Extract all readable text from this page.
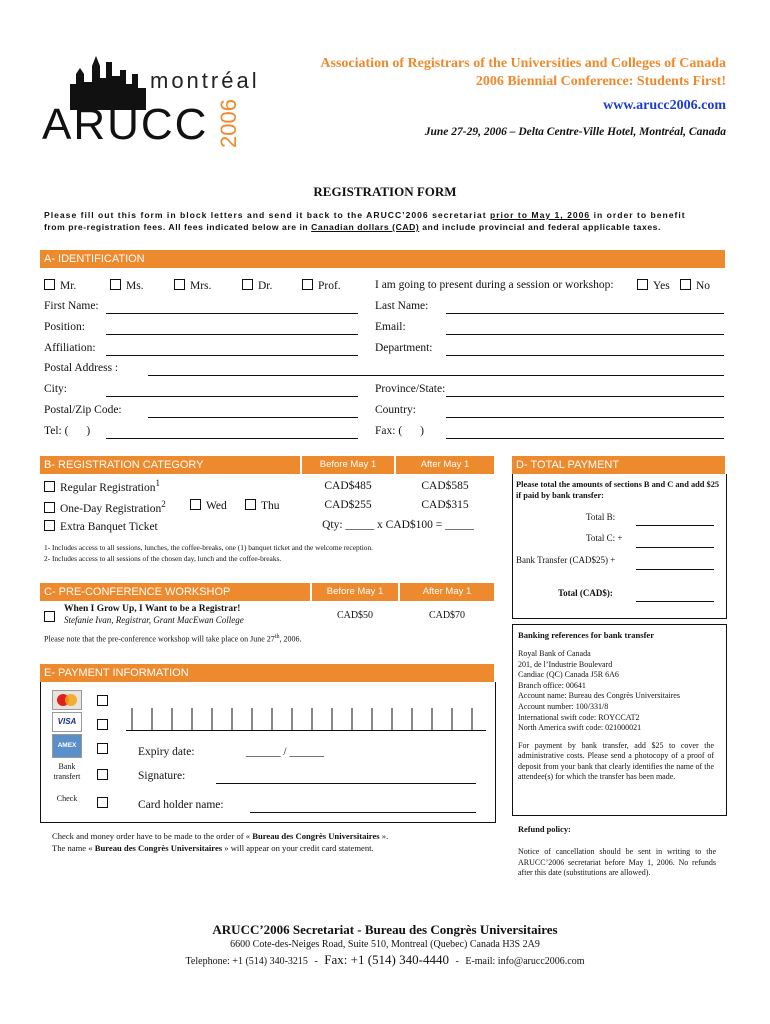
montréal
ARUCC 2006
Association of Registrars of the Universities and Colleges of Canada
2006 Biennial Conference: Students First!
www.arucc2006.com
June 27-29, 2006 – Delta Centre-Ville Hotel, Montréal, Canada
REGISTRATION FORM
Please fill out this form in block letters and send it back to the ARUCC’2006 secretariat prior to May 1, 2006 in order to benefit
from pre-registration fees. All fees indicated below are in Canadian dollars (CAD) and include provincial and federal applicable taxes.
A- IDENTIFICATION
Mr.	Ms.	Mrs.	Dr.	Prof.	I am going to present during a session or workshop:	Yes	No
First Name:	Last Name:
Position:	Email:
Affiliation:	Department:
Postal Address :
City:	Province/State:
Postal/Zip Code:	Country:
Tel: ( )	Fax: ( )
B- REGISTRATION CATEGORY	Before May 1	After May 1
Regular Registration$^1$	CAD$485	CAD$585
One-Day Registration$^2$	Wed	Thu	CAD$255	CAD$315
Extra Banquet Ticket	Qty: _____ x CAD$100 = _____
1- Includes access to all sessions, lunches, the coffee-breaks, one (1) banquet ticket and the welcome reception.
2- Includes access to all sessions of the chosen day, lunch and the coffee-breaks.
C- PRE-CONFERENCE WORKSHOP	Before May 1	After May 1
When I Grow Up, I Want to be a Registrar!
Stefanie Ivan, Registrar, Grant MacEwan College	CAD$50	CAD$70
Please note that the pre-conference workshop will take place on June 27th, 2006.
D- TOTAL PAYMENT
Please total the amounts of sections B and C and add $25 if paid by bank transfer:
Total B:
Total C: +
Bank Transfer (CAD$25) +
Total (CAD$):
Banking references for bank transfer
Royal Bank of Canada
201, de l’Industrie Boulevard
Candiac (QC) Canada J5R 6A6
Branch office: 00641
Account name: Bureau des Congrès Universitaires
Account number: 100/331/8
International swift code: ROYCCAT2
North America swift code: 021000021
For payment by bank transfer, add $25 to cover the administrative costs. Please send a photocopy of a proof of deposit from your bank that clearly identifies the name of the attendee(s) for which the transfer has been made.
E- PAYMENT INFORMATION
VISA
AMEX
Bank transfert
Check
Expiry date:	______ / ______
Signature:
Card holder name:
Check and money order have to be made to the order of « Bureau des Congrès Universitaires ».
The name « Bureau des Congrès Universitaires » will appear on your credit card statement.
Refund policy:
Notice of cancellation should be sent in writing to the ARUCC’2006 secretariat before May 1, 2006. No refunds after this date (substitutions are allowed).
ARUCC’2006 Secretariat - Bureau des Congrès Universitaires
6600 Cote-des-Neiges Road, Suite 510, Montreal (Quebec) Canada H3S 2A9
Telephone: +1 (514) 340-3215 - Fax: +1 (514) 340-4440 - E-mail: info@arucc2006.com
